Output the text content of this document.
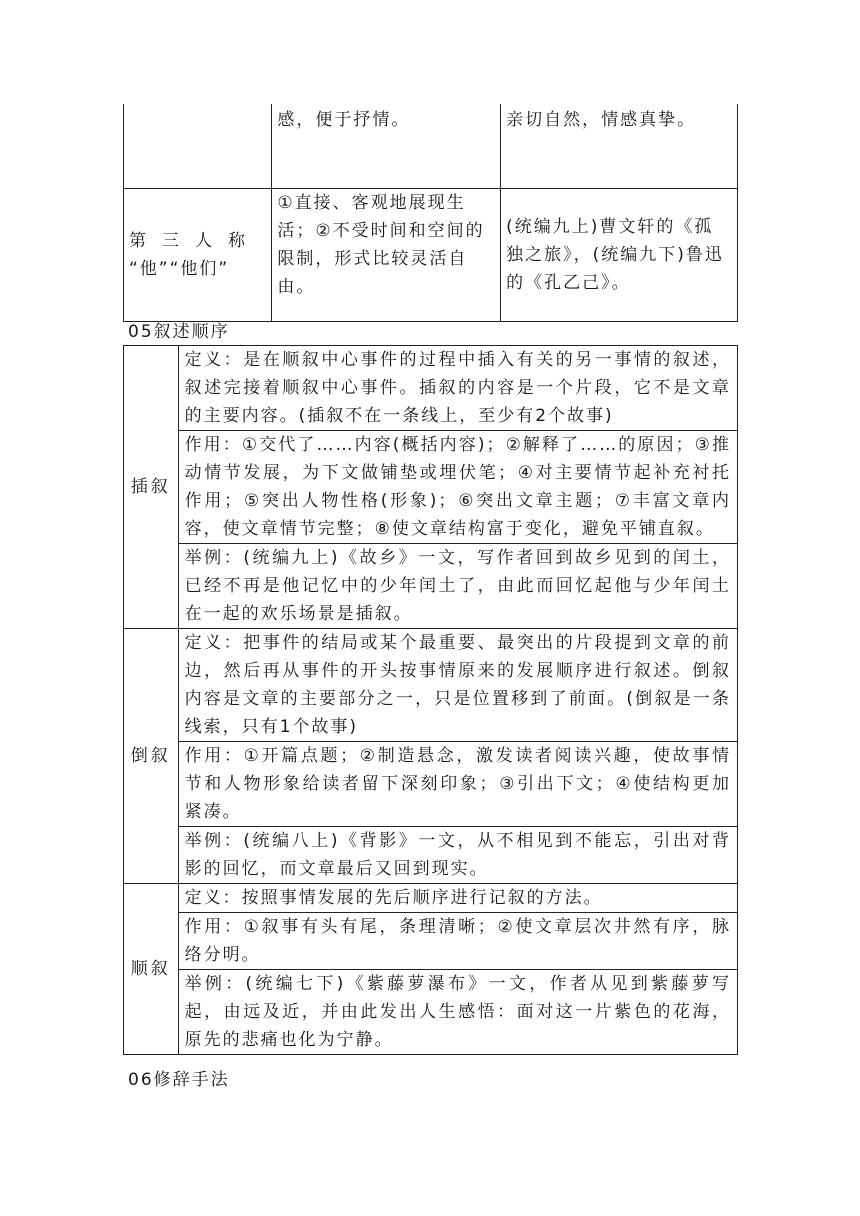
	感，便于抒情。	亲切自然，情感真挚。

第三人称
“他”“他们”	①直接、客观地展现生活；②不受时间和空间的限制，形式比较灵活自由。	(统编九上)曹文轩的《孤独之旅》，(统编九下)鲁迅的《孔乙己》。
05叙述顺序
插叙	定义：是在顺叙中心事件的过程中插入有关的另一事情的叙述，叙述完接着顺叙中心事件。插叙的内容是一个片段，它不是文章的主要内容。(插叙不在一条线上，至少有2个故事)
	作用：①交代了……内容(概括内容)；②解释了……的原因；③推动情节发展，为下文做铺垫或埋伏笔；④对主要情节起补充衬托作用；⑤突出人物性格(形象)；⑥突出文章主题；⑦丰富文章内容，使文章情节完整；⑧使文章结构富于变化，避免平铺直叙。
	举例：(统编九上)《故乡》一文，写作者回到故乡见到的闰土，已经不再是他记忆中的少年闰土了，由此而回忆起他与少年闰土在一起的欢乐场景是插叙。
倒叙	定义：把事件的结局或某个最重要、最突出的片段提到文章的前边，然后再从事件的开头按事情原来的发展顺序进行叙述。倒叙内容是文章的主要部分之一，只是位置移到了前面。(倒叙是一条线索，只有1个故事)
	作用：①开篇点题；②制造悬念，激发读者阅读兴趣，使故事情节和人物形象给读者留下深刻印象；③引出下文；④使结构更加紧凑。
	举例：(统编八上)《背影》一文，从不相见到不能忘，引出对背影的回忆，而文章最后又回到现实。
顺叙	定义：按照事情发展的先后顺序进行记叙的方法。
	作用：①叙事有头有尾，条理清晰；②使文章层次井然有序，脉络分明。
	举例：(统编七下)《紫藤萝瀑布》一文，作者从见到紫藤萝写起，由远及近，并由此发出人生感悟：面对这一片紫色的花海，原先的悲痛也化为宁静。
06修辞手法
